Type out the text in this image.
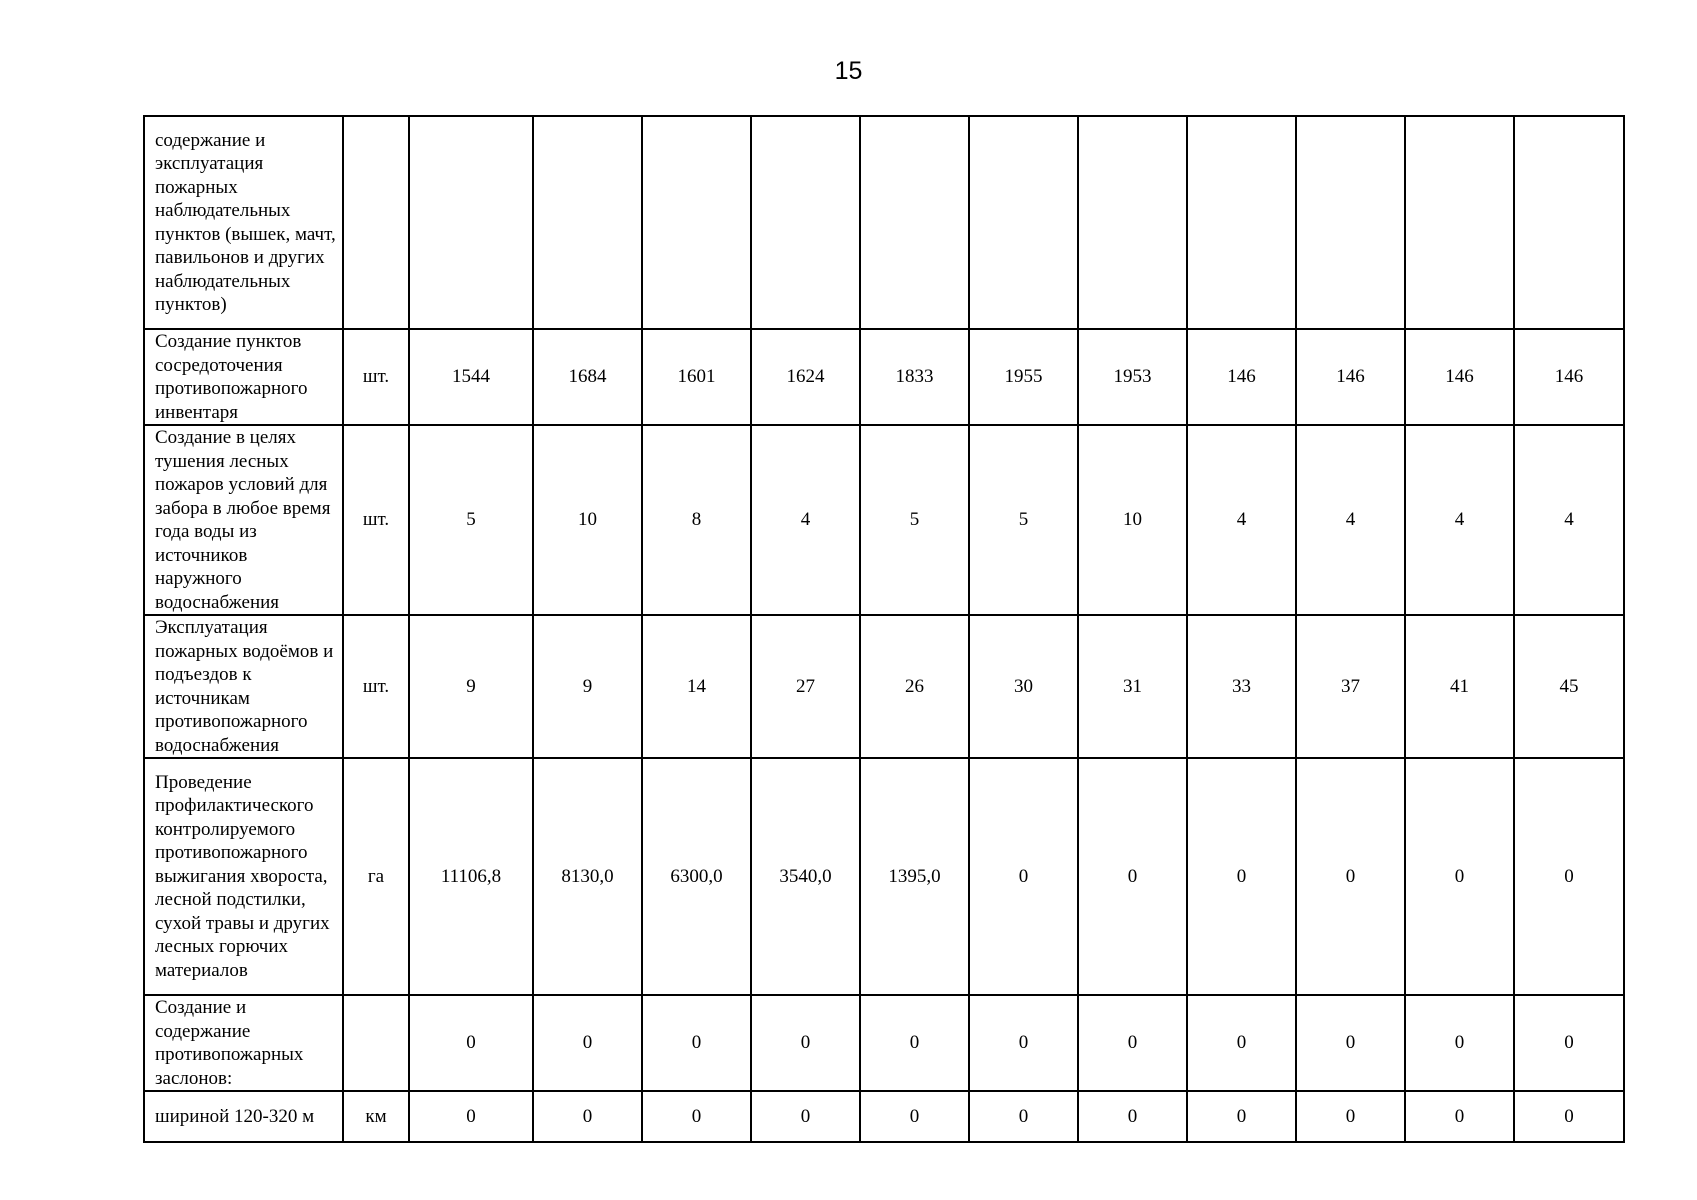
15
содержание и эксплуатация пожарных наблюдательных пунктов (вышек, мачт, павильонов и других наблюдательных пунктов)												
Создание пунктов сосредоточения противопожарного инвентаря	шт.	1544	1684	1601	1624	1833	1955	1953	146	146	146	146
Создание в целях тушения лесных пожаров условий для забора в любое время года воды из источников наружного водоснабжения	шт.	5	10	8	4	5	5	10	4	4	4	4
Эксплуатация пожарных водоёмов и подъездов к источникам противопожарного водоснабжения	шт.	9	9	14	27	26	30	31	33	37	41	45
Проведение профилактического контролируемого противопожарного выжигания хвороста, лесной подстилки, сухой травы и других лесных горючих материалов	га	11106,8	8130,0	6300,0	3540,0	1395,0	0	0	0	0	0	0
Создание и содержание противопожарных заслонов:		0	0	0	0	0	0	0	0	0	0	0
шириной 120-320 м	км	0	0	0	0	0	0	0	0	0	0	0
